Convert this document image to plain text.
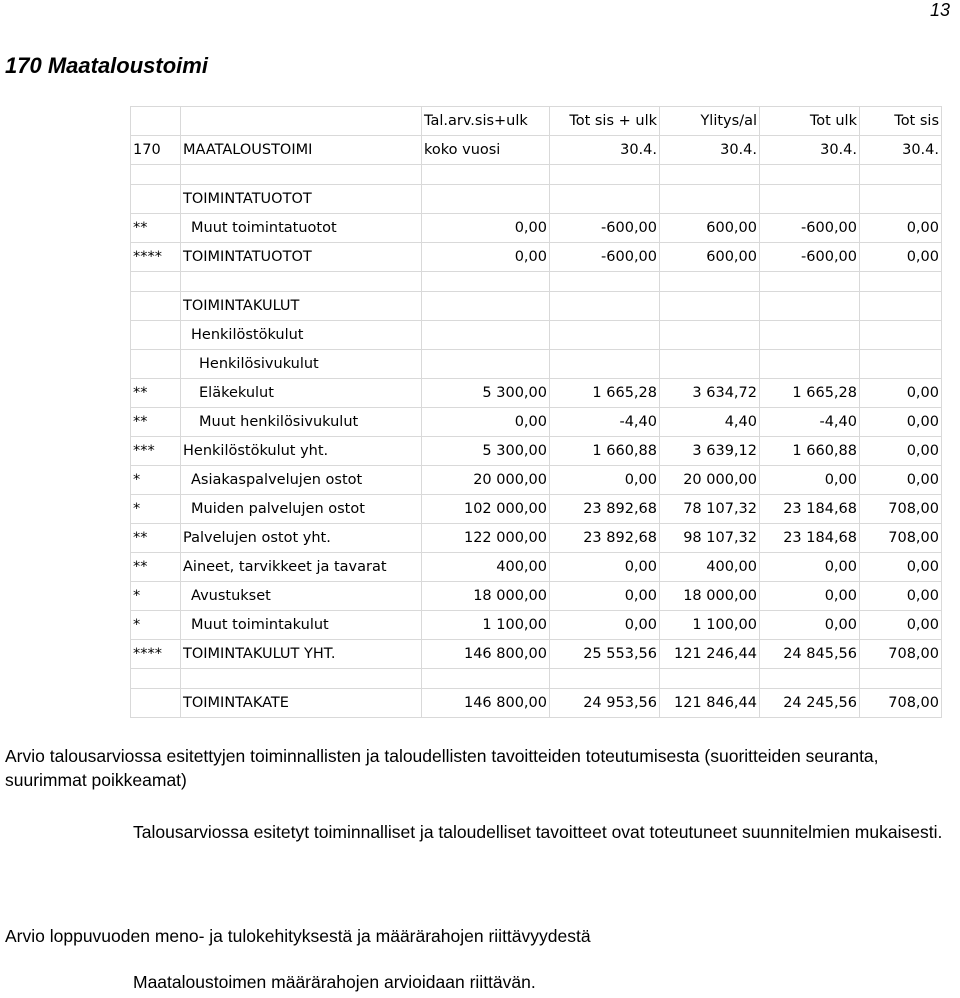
13
170 Maataloustoimi
		Tal.arv.sis+ulk	Tot sis + ulk	Ylitys/al	Tot ulk	Tot sis
170	MAATALOUSTOIMI	koko vuosi	30.4.	30.4.	30.4.	30.4.

	TOIMINTATUOTOT					
**	Muut toimintatuotot	0,00	-600,00	600,00	-600,00	0,00
****	TOIMINTATUOTOT	0,00	-600,00	600,00	-600,00	0,00

	TOIMINTAKULUT					
	Henkilöstökulut					
	Henkilösivukulut					
**	Eläkekulut	5 300,00	1 665,28	3 634,72	1 665,28	0,00
**	Muut henkilösivukulut	0,00	-4,40	4,40	-4,40	0,00
***	Henkilöstökulut yht.	5 300,00	1 660,88	3 639,12	1 660,88	0,00
*	Asiakaspalvelujen ostot	20 000,00	0,00	20 000,00	0,00	0,00
*	Muiden palvelujen ostot	102 000,00	23 892,68	78 107,32	23 184,68	708,00
**	Palvelujen ostot yht.	122 000,00	23 892,68	98 107,32	23 184,68	708,00
**	Aineet, tarvikkeet ja tavarat	400,00	0,00	400,00	0,00	0,00
*	Avustukset	18 000,00	0,00	18 000,00	0,00	0,00
*	Muut toimintakulut	1 100,00	0,00	1 100,00	0,00	0,00
****	TOIMINTAKULUT YHT.	146 800,00	25 553,56	121 246,44	24 845,56	708,00

	TOIMINTAKATE	146 800,00	24 953,56	121 846,44	24 245,56	708,00
Arvio talousarviossa esitettyjen toiminnallisten ja taloudellisten tavoitteiden toteutumisesta (suoritteiden seuranta, suurimmat poikkeamat)
Talousarviossa esitetyt toiminnalliset ja taloudelliset tavoitteet ovat toteutuneet suunnitelmien mukaisesti.
Arvio loppuvuoden meno- ja tulokehityksestä ja määrärahojen riittävyydestä
Maataloustoimen määrärahojen arvioidaan riittävän.
